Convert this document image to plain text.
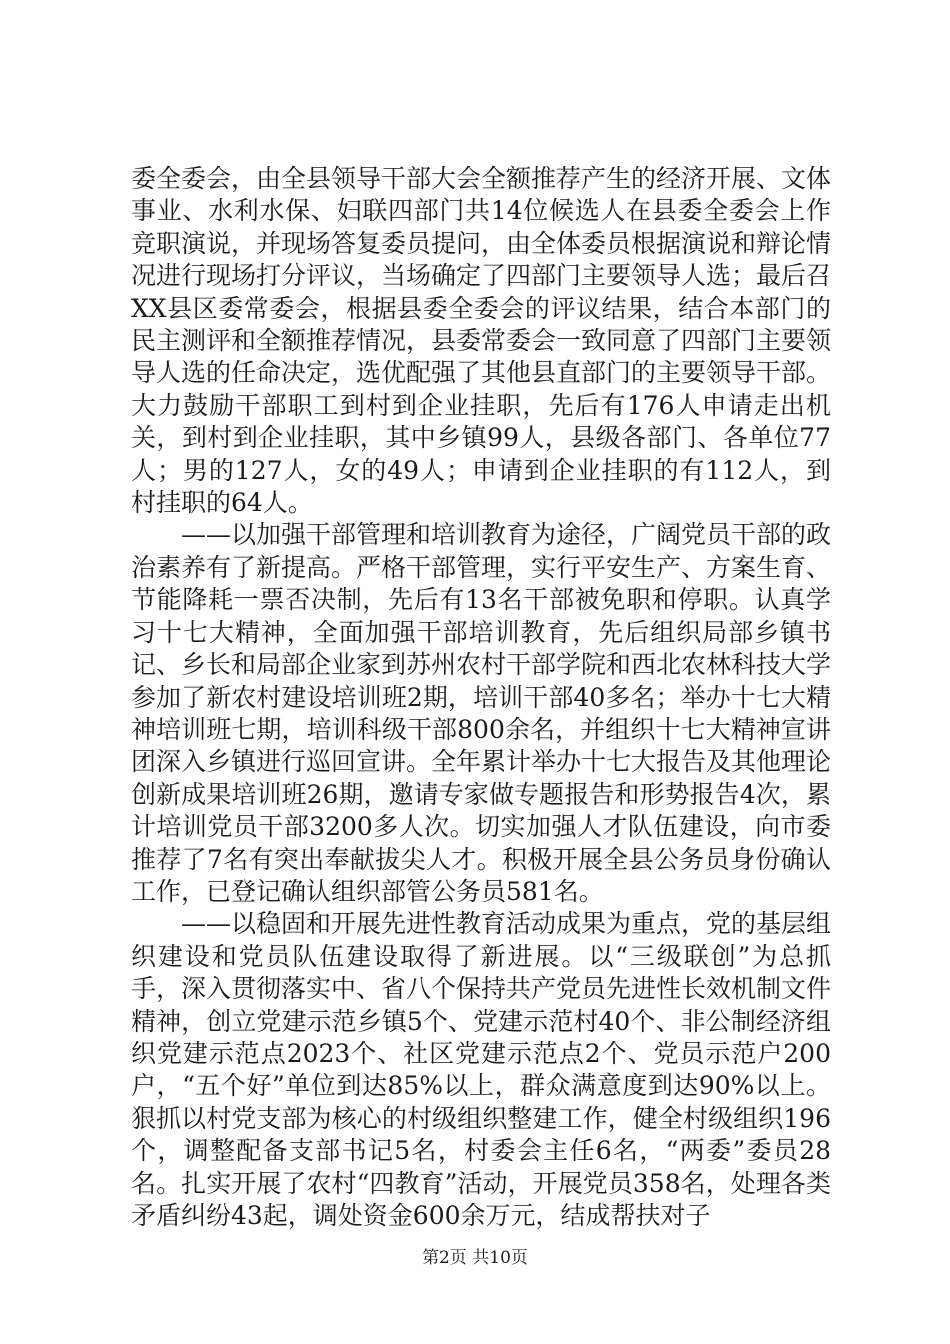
委全委会，由全县领导干部大会全额推荐产生的经济开展、文体事业、水利水保、妇联四部门共14位候选人在县委全委会上作竞职演说，并现场答复委员提问，由全体委员根据演说和辩论情况进行现场打分评议，当场确定了四部门主要领导人选；最后召XX县区委常委会，根据县委全委会的评议结果，结合本部门的民主测评和全额推荐情况，县委常委会一致同意了四部门主要领导人选的任命决定，选优配强了其他县直部门的主要领导干部。大力鼓励干部职工到村到企业挂职，先后有176人申请走出机关，到村到企业挂职，其中乡镇99人，县级各部门、各单位77人；男的127人，女的49人；申请到企业挂职的有112人，到村挂职的64人。

——以加强干部管理和培训教育为途径，广阔党员干部的政治素养有了新提高。严格干部管理，实行平安生产、方案生育、节能降耗一票否决制，先后有13名干部被免职和停职。认真学习十七大精神，全面加强干部培训教育，先后组织局部乡镇书记、乡长和局部企业家到苏州农村干部学院和西北农林科技大学参加了新农村建设培训班2期，培训干部40多名；举办十七大精神培训班七期，培训科级干部800余名，并组织十七大精神宣讲团深入乡镇进行巡回宣讲。全年累计举办十七大报告及其他理论创新成果培训班26期，邀请专家做专题报告和形势报告4次，累计培训党员干部3200多人次。切实加强人才队伍建设，向市委推荐了7名有突出奉献拔尖人才。积极开展全县公务员身份确认工作，已登记确认组织部管公务员581名。

——以稳固和开展先进性教育活动成果为重点，党的基层组织建设和党员队伍建设取得了新进展。以“三级联创”为总抓手，深入贯彻落实中、省八个保持共产党员先进性长效机制文件精神，创立党建示范乡镇5个、党建示范村40个、非公制经济组织党建示范点2023个、社区党建示范点2个、党员示范户200户，“五个好”单位到达85%以上，群众满意度到达90%以上。狠抓以村党支部为核心的村级组织整建工作，健全村级组织196个，调整配备支部书记5名，村委会主任6名，“两委”委员28名。扎实开展了农村“四教育”活动，开展党员358名，处理各类矛盾纠纷43起，调处资金600余万元，结成帮扶对子

第2页 共10页
